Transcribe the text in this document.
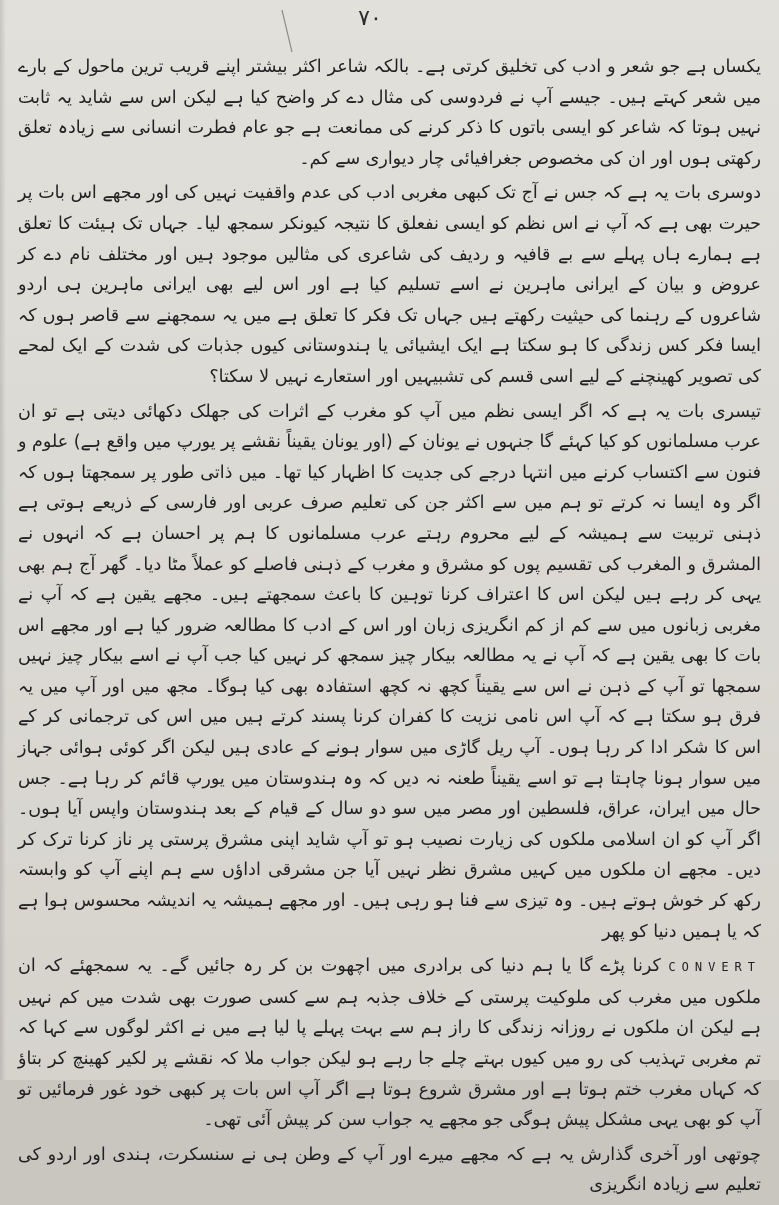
٧٠

یکساں ہے جو شعر و ادب کی تخلیق کرتی ہے۔ بالکہ شاعر اکثر بیشتر اپنے قریب ترین ماحول کے بارے میں شعر کہتے ہیں۔ جیسے آپ نے فردوسی کی مثال دے کر واضح کیا ہے لیکن اس سے شاید یہ ثابت نہیں ہوتا کہ شاعر کو ایسی باتوں کا ذکر کرنے کی ممانعت ہے جو عام فطرت انسانی سے زیادہ تعلق رکھتی ہوں اور ان کی مخصوص جغرافیائی چار دیواری سے کم۔

دوسری بات یہ ہے کہ جس نے آج تک کبھی مغربی ادب کی عدم واقفیت نہیں کی اور مجھے اس بات پر حیرت بھی ہے کہ آپ نے اس نظم کو ایسی نفعلق کا نتیجہ کیونکر سمجھ لیا۔ جہاں تک ہیئت کا تعلق ہے ہمارے ہاں پہلے سے بے قافیہ و ردیف کی شاعری کی مثالیں موجود ہیں اور مختلف نام دے کر عروض و بیان کے ایرانی ماہرین نے اسے تسلیم کیا ہے اور اس لیے بھی ایرانی ماہرین ہی اردو شاعروں کے رہنما کی حیثیت رکھتے ہیں جہاں تک فکر کا تعلق ہے میں یہ سمجھنے سے قاصر ہوں کہ ایسا فکر کس زندگی کا ہو سکتا ہے ایک ایشیائی یا ہندوستانی کیوں جذبات کی شدت کے ایک لمحے کی تصویر کھینچنے کے لیے اسی قسم کی تشبیہیں اور استعارے نہیں لا سکتا؟

تیسری بات یہ ہے کہ اگر ایسی نظم میں آپ کو مغرب کے اثرات کی جھلک دکھائی دیتی ہے تو ان عرب مسلمانوں کو کیا کہئے گا جنہوں نے یونان کے (اور یونان یقیناً نقشے پر یورپ میں واقع ہے) علوم و فنون سے اکتساب کرنے میں انتہا درجے کی جدیت کا اظہار کیا تھا۔ میں ذاتی طور پر سمجھتا ہوں کہ اگر وہ ایسا نہ کرتے تو ہم میں سے اکثر جن کی تعلیم صرف عربی اور فارسی کے ذریعے ہوتی ہے ذہنی تربیت سے ہمیشہ کے لیے محروم رہتے عرب مسلمانوں کا ہم پر احسان ہے کہ انہوں نے المشرق و المغرب کی تقسیم پوں کو مشرق و مغرب کے ذہنی فاصلے کو عملاً مٹا دیا۔ گھر آج ہم بھی یہی کر رہے ہیں لیکن اس کا اعتراف کرنا توہین کا باعث سمجھتے ہیں۔ مجھے یقین ہے کہ آپ نے مغربی زبانوں میں سے کم از کم انگریزی زبان اور اس کے ادب کا مطالعہ ضرور کیا ہے اور مجھے اس بات کا بھی یقین ہے کہ آپ نے یہ مطالعہ بیکار چیز سمجھ کر نہیں کیا جب آپ نے اسے بیکار چیز نہیں سمجھا تو آپ کے ذہن نے اس سے یقیناً کچھ نہ کچھ استفادہ بھی کیا ہوگا۔ مجھ میں اور آپ میں یہ فرق ہو سکتا ہے کہ آپ اس نامی نزیت کا کفران کرنا پسند کرتے ہیں میں اس کی ترجمانی کر کے اس کا شکر ادا کر رہا ہوں۔ آپ ریل گاڑی میں سوار ہونے کے عادی ہیں لیکن اگر کوئی ہوائی جہاز میں سوار ہونا چاہتا ہے تو اسے یقیناً طعنہ نہ دیں کہ وہ ہندوستان میں یورپ قائم کر رہا ہے۔ جس حال میں ایران، عراق، فلسطین اور مصر میں سو دو سال کے قیام کے بعد ہندوستان واپس آیا ہوں۔ اگر آپ کو ان اسلامی ملکوں کی زیارت نصیب ہو تو آپ شاید اپنی مشرق پرستی پر ناز کرنا ترک کر دیں۔ مجھے ان ملکوں میں کہیں مشرق نظر نہیں آیا جن مشرقی اداؤں سے ہم اپنے آپ کو وابستہ رکھ کر خوش ہوتے ہیں۔ وہ تیزی سے فنا ہو رہی ہیں۔ اور مجھے ہمیشہ یہ اندیشہ محسوس ہوا ہے کہ یا ہمیں دنیا کو پھر

CONVERT کرنا پڑے گا یا ہم دنیا کی برادری میں اچھوت بن کر رہ جائیں گے۔ یہ سمجھئے کہ ان ملکوں میں مغرب کی ملوکیت پرستی کے خلاف جذبہ ہم سے کسی صورت بھی شدت میں کم نہیں ہے لیکن ان ملکوں نے روزانہ زندگی کا راز ہم سے بہت پہلے پا لیا ہے میں نے اکثر لوگوں سے کہا کہ تم مغربی تہذیب کی رو میں کیوں بہتے چلے جا رہے ہو لیکن جواب ملا کہ نقشے پر لکیر کھینچ کر بتاؤ کہ کہاں مغرب ختم ہوتا ہے اور مشرق شروع ہوتا ہے اگر آپ اس بات پر کبھی خود غور فرمائیں تو آپ کو بھی یہی مشکل پیش ہوگی جو مجھے یہ جواب سن کر پیش آئی تھی۔

چوتھی اور آخری گذارش یہ ہے کہ مجھے میرے اور آپ کے وطن ہی نے سنسکرت، ہندی اور اردو کی تعلیم سے زیادہ انگریزی
